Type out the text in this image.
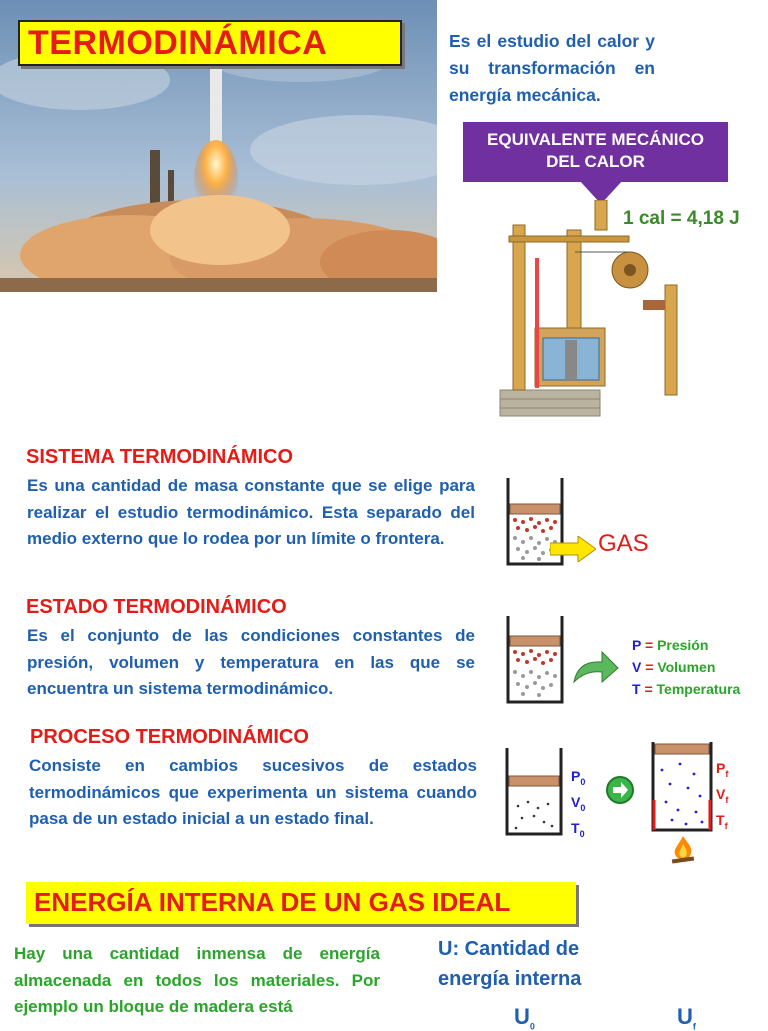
TERMODINÁMICA	Es el estudio del calor y su transformación en energía mecánica.
EQUIVALENTE MECÁNICO
DEL CALOR
1 cal = 4,18 J
SISTEMA TERMODINÁMICO
Es una cantidad de masa constante que se elige para realizar el estudio termodinámico. Esta separado del medio externo que lo rodea por un límite o frontera.	GAS
ESTADO TERMODINÁMICO
Es el conjunto de las condiciones constantes de presión, volumen y temperatura en las que se encuentra un sistema termodinámico.
P = Presión
V = Volumen
T = Temperatura
PROCESO TERMODINÁMICO
Consiste en cambios sucesivos de estados termodinámicos que experimenta un sistema cuando pasa de un estado inicial a un estado final.
$P_0$
$V_0$
$T_0$
$P_f$
$V_f$
$T_f$
ENERGÍA INTERNA DE UN GAS IDEAL
Hay una cantidad inmensa de energía almacenada en todos los materiales. Por ejemplo un bloque de madera está
U: Cantidad de
energía interna
$U_0$	$U_f$
